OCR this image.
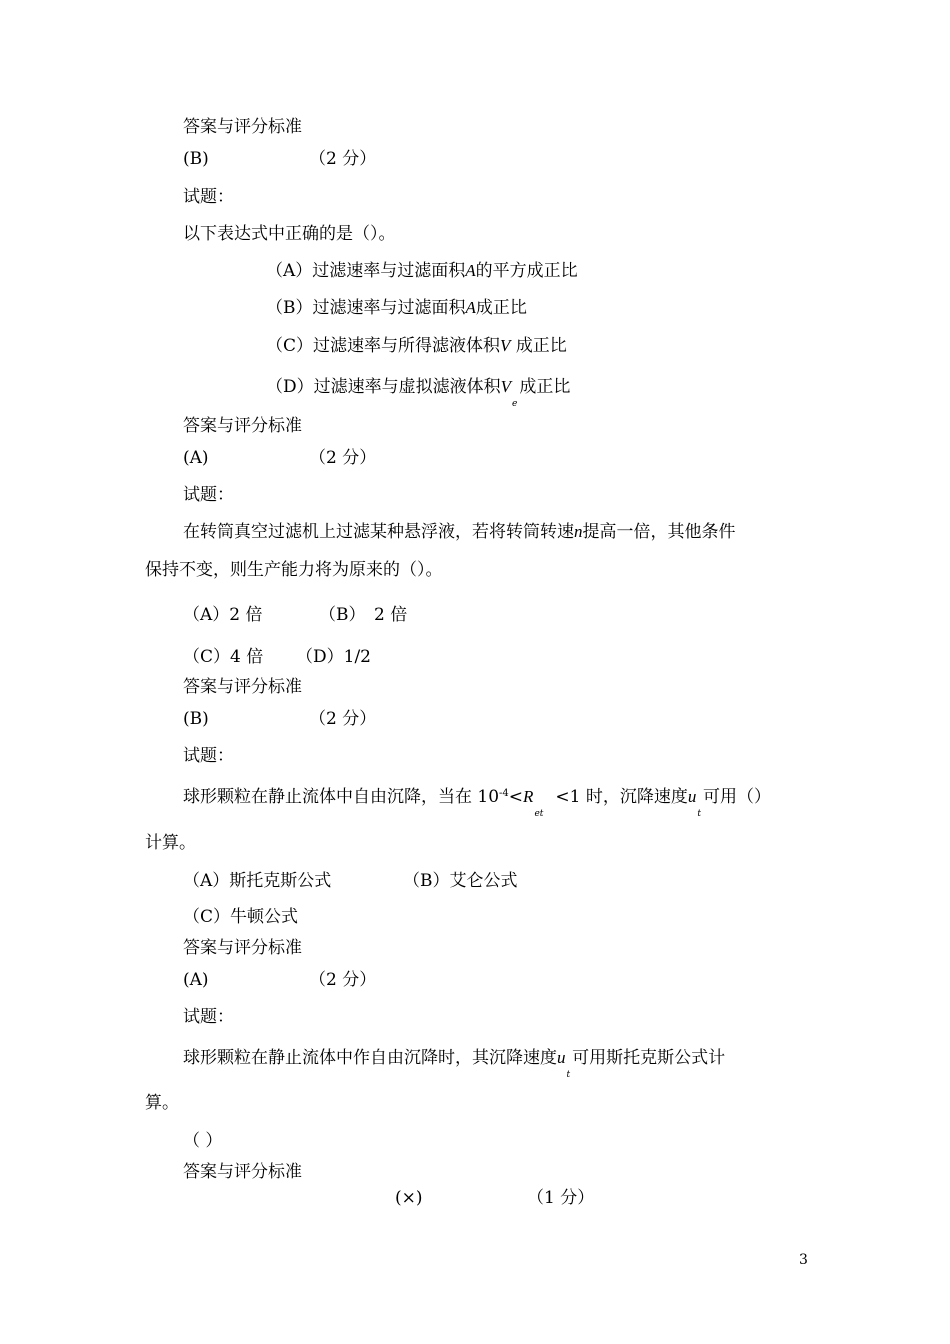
答案与评分标准
(B)	（2 分）
试题：
以下表达式中正确的是（）。
（A）过滤速率与过滤面积A的平方成正比
（B）过滤速率与过滤面积A成正比
（C）过滤速率与所得滤液体积V 成正比
（D）过滤速率与虚拟滤液体积$V_e$成正比
答案与评分标准
(A)	（2 分）
试题：
在转筒真空过滤机上过滤某种悬浮液，若将转筒转速n提高一倍，其他条件
保持不变，则生产能力将为原来的（）。
（A）2 倍	（B）　2 倍
（C）4 倍 （D）1/2
答案与评分标准
(B)	（2 分）
试题：
球形颗粒在静止流体中自由沉降，当在 $10^{-4}<R_{et}<1$ 时，沉降速度$u_t$可用（）
计算。
（A）斯托克斯公式	（B）艾仑公式
（C）牛顿公式
答案与评分标准
(A)	（2 分）
试题：
球形颗粒在静止流体中作自由沉降时，其沉降速度$u_t$可用斯托克斯公式计
算。
（ ）
答案与评分标准
(×)	（1 分）
3
